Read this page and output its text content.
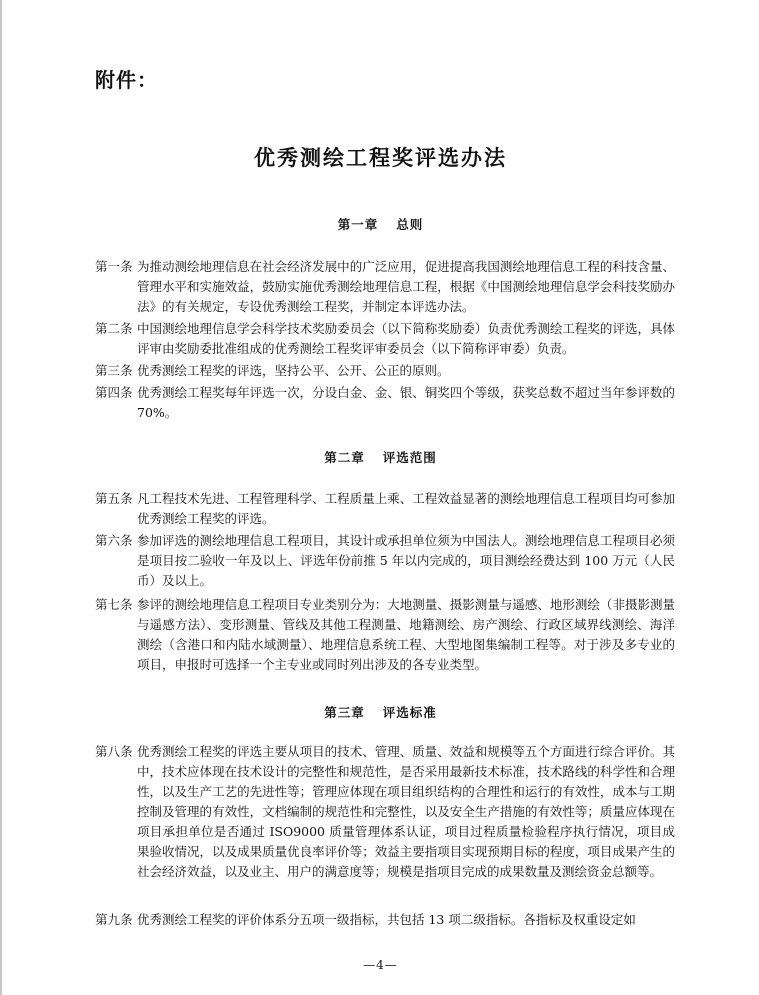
附件：
优秀测绘工程奖评选办法
第一章 总则
第一条 为推动测绘地理信息在社会经济发展中的广泛应用，促进提高我国测绘地理信息工程的科技含量、管理水平和实施效益，鼓励实施优秀测绘地理信息工程，根据《中国测绘地理信息学会科技奖励办法》的有关规定，专设优秀测绘工程奖，并制定本评选办法。
第二条 中国测绘地理信息学会科学技术奖励委员会（以下简称奖励委）负责优秀测绘工程奖的评选，具体评审由奖励委批准组成的优秀测绘工程奖评审委员会（以下简称评审委）负责。
第三条 优秀测绘工程奖的评选，坚持公平、公开、公正的原则。
第四条 优秀测绘工程奖每年评选一次，分设白金、金、银、铜奖四个等级，获奖总数不超过当年参评数的70%。
第二章 评选范围
第五条 凡工程技术先进、工程管理科学、工程质量上乘、工程效益显著的测绘地理信息工程项目均可参加优秀测绘工程奖的评选。
第六条 参加评选的测绘地理信息工程项目，其设计或承担单位须为中国法人。测绘地理信息工程项目必须是项目按二验收一年及以上、评选年份前推 5 年以内完成的，项目测绘经费达到 100 万元（人民币）及以上。
第七条 参评的测绘地理信息工程项目专业类别分为：大地测量、摄影测量与遥感、地形测绘（非摄影测量与遥感方法）、变形测量、管线及其他工程测量、地籍测绘、房产测绘、行政区域界线测绘、海洋测绘（含港口和内陆水域测量）、地理信息系统工程、大型地图集编制工程等。对于涉及多专业的项目，申报时可选择一个主专业或同时列出涉及的各专业类型。
第三章 评选标准
第八条 优秀测绘工程奖的评选主要从项目的技术、管理、质量、效益和规模等五个方面进行综合评价。其中，技术应体现在技术设计的完整性和规范性，是否采用最新技术标准，技术路线的科学性和合理性，以及生产工艺的先进性等；管理应体现在项目组织结构的合理性和运行的有效性，成本与工期控制及管理的有效性，文档编制的规范性和完整性，以及安全生产措施的有效性等；质量应体现在项目承担单位是否通过 ISO9000 质量管理体系认证，项目过程质量检验程序执行情况，项目成果验收情况，以及成果质量优良率评价等；效益主要指项目实现预期目标的程度，项目成果产生的社会经济效益，以及业主、用户的满意度等；规模是指项目完成的成果数量及测绘资金总额等。
第九条 优秀测绘工程奖的评价体系分五项一级指标，共包括 13 项二级指标。各指标及权重设定如
—4—
